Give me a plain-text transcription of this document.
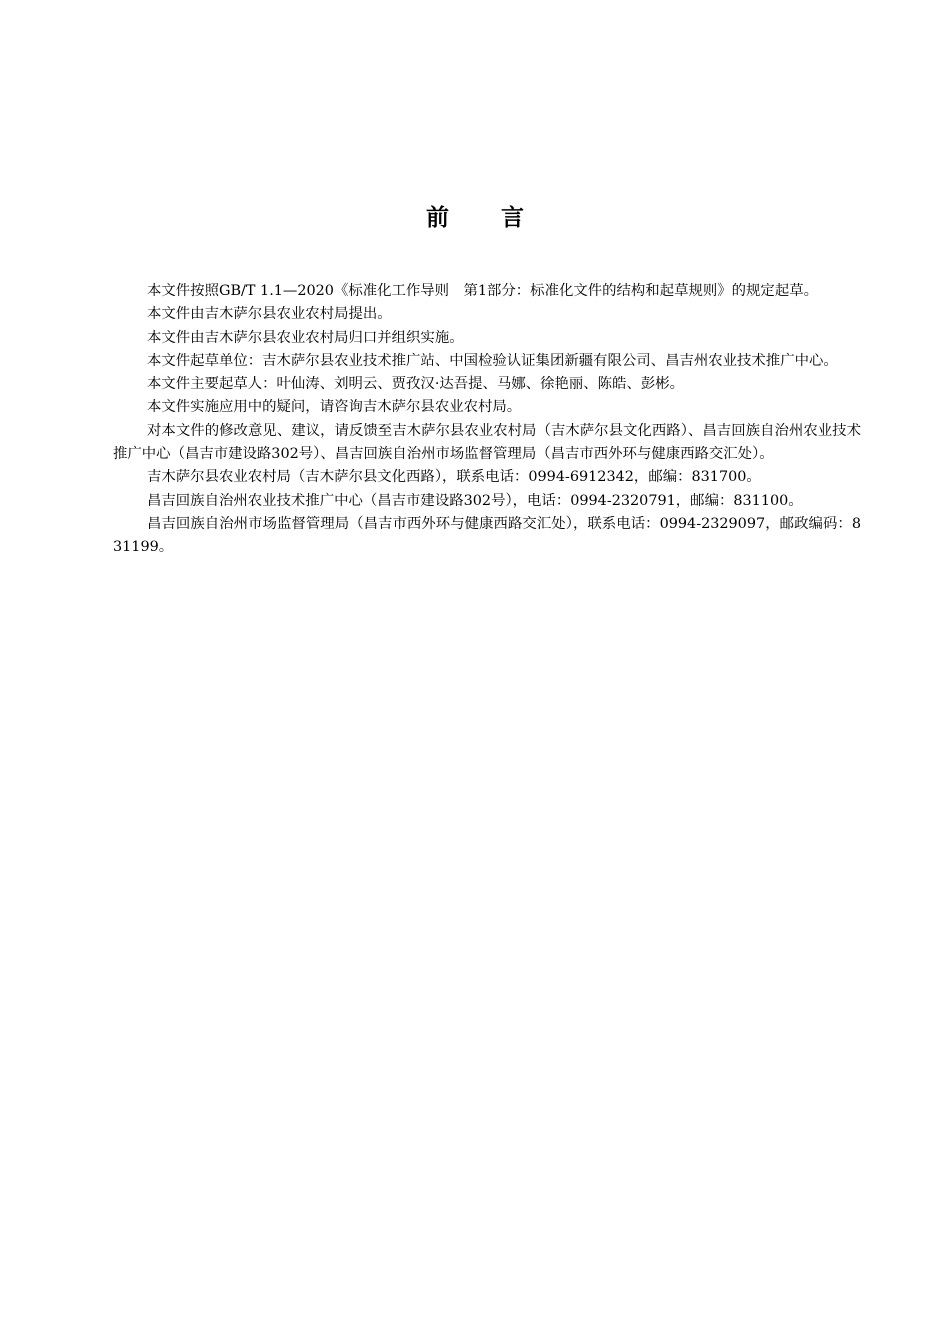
前言

本文件按照GB/T 1.1—2020《标准化工作导则　第1部分：标准化文件的结构和起草规则》的规定起草。

本文件由吉木萨尔县农业农村局提出。

本文件由吉木萨尔县农业农村局归口并组织实施。

本文件起草单位：吉木萨尔县农业技术推广站、中国检验认证集团新疆有限公司、昌吉州农业技术推广中心。

本文件主要起草人：叶仙涛、刘明云、贾孜汉·达吾提、马娜、徐艳丽、陈皓、彭彬。

本文件实施应用中的疑问，请咨询吉木萨尔县农业农村局。

对本文件的修改意见、建议，请反馈至吉木萨尔县农业农村局（吉木萨尔县文化西路）、昌吉回族自治州农业技术推广中心（昌吉市建设路302号）、昌吉回族自治州市场监督管理局（昌吉市西外环与健康西路交汇处）。

吉木萨尔县农业农村局（吉木萨尔县文化西路），联系电话：0994-6912342，邮编：831700。

昌吉回族自治州农业技术推广中心（昌吉市建设路302号），电话：0994-2320791，邮编：831100。

昌吉回族自治州市场监督管理局（昌吉市西外环与健康西路交汇处），联系电话：0994-2329097，邮政编码：831199。
